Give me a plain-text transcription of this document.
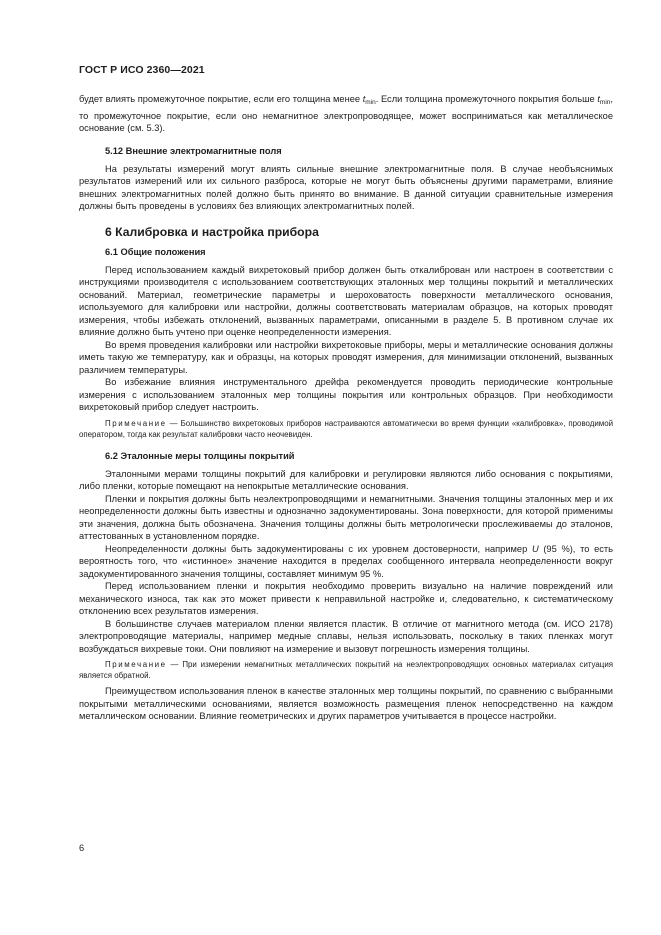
ГОСТ Р ИСО 2360—2021

будет влиять промежуточное покрытие, если его толщина менее $t_{min}$. Если толщина промежуточного покрытия больше $t_{min}$, то промежуточное покрытие, если оно немагнитное электропроводящее, может восприниматься как металлическое основание (см. 5.3).

5.12 Внешние электромагнитные поля

На результаты измерений могут влиять сильные внешние электромагнитные поля. В случае необъяснимых результатов измерений или их сильного разброса, которые не могут быть объяснены другими параметрами, влияние внешних электромагнитных полей должно быть принято во внимание. В данной ситуации сравнительные измерения должны быть проведены в условиях без влияющих электромагнитных полей.

6 Калибровка и настройка прибора
6.1 Общие положения

Перед использованием каждый вихретоковый прибор должен быть откалиброван или настроен в соответствии с инструкциями производителя с использованием соответствующих эталонных мер толщины покрытий и металлических оснований. Материал, геометрические параметры и шероховатость поверхности металлического основания, используемого для калибровки или настройки, должны соответствовать материалам образцов, на которых проводят измерения, чтобы избежать отклонений, вызванных параметрами, описанными в разделе 5. В противном случае их влияние должно быть учтено при оценке неопределенности измерения.

Во время проведения калибровки или настройки вихретоковые приборы, меры и металлические основания должны иметь такую же температуру, как и образцы, на которых проводят измерения, для минимизации отклонений, вызванных различием температуры.

Во избежание влияния инструментального дрейфа рекомендуется проводить периодические контрольные измерения с использованием эталонных мер толщины покрытия или контрольных образцов. При необходимости вихретоковый прибор следует настроить.

Примечание — Большинство вихретоковых приборов настраиваются автоматически во время функции «калибровка», проводимой оператором, тогда как результат калибровки часто неочевиден.

6.2 Эталонные меры толщины покрытий

Эталонными мерами толщины покрытий для калибровки и регулировки являются либо основания с покрытиями, либо пленки, которые помещают на непокрытые металлические основания.

Пленки и покрытия должны быть неэлектропроводящими и немагнитными. Значения толщины эталонных мер и их неопределенности должны быть известны и однозначно задокументированы. Зона поверхности, для которой применимы эти значения, должна быть обозначена. Значения толщины должны быть метрологически прослеживаемы до эталонов, аттестованных в установленном порядке.

Неопределенности должны быть задокументированы с их уровнем достоверности, например U (95 %), то есть вероятность того, что «истинное» значение находится в пределах сообщенного интервала неопределенности вокруг задокументированного значения толщины, составляет минимум 95 %.

Перед использованием пленки и покрытия необходимо проверить визуально на наличие повреждений или механического износа, так как это может привести к неправильной настройке и, следовательно, к систематическому отклонению всех результатов измерения.

В большинстве случаев материалом пленки является пластик. В отличие от магнитного метода (см. ИСО 2178) электропроводящие материалы, например медные сплавы, нельзя использовать, поскольку в таких пленках могут возбуждаться вихревые токи. Они повлияют на измерение и вызовут погрешность измерения толщины.

Примечание — При измерении немагнитных металлических покрытий на неэлектропроводящих основных материалах ситуация является обратной.

Преимуществом использования пленок в качестве эталонных мер толщины покрытий, по сравнению с выбранными покрытыми металлическими основаниями, является возможность размещения пленок непосредственно на каждом металлическом основании. Влияние геометрических и других параметров учитывается в процессе настройки.

6
